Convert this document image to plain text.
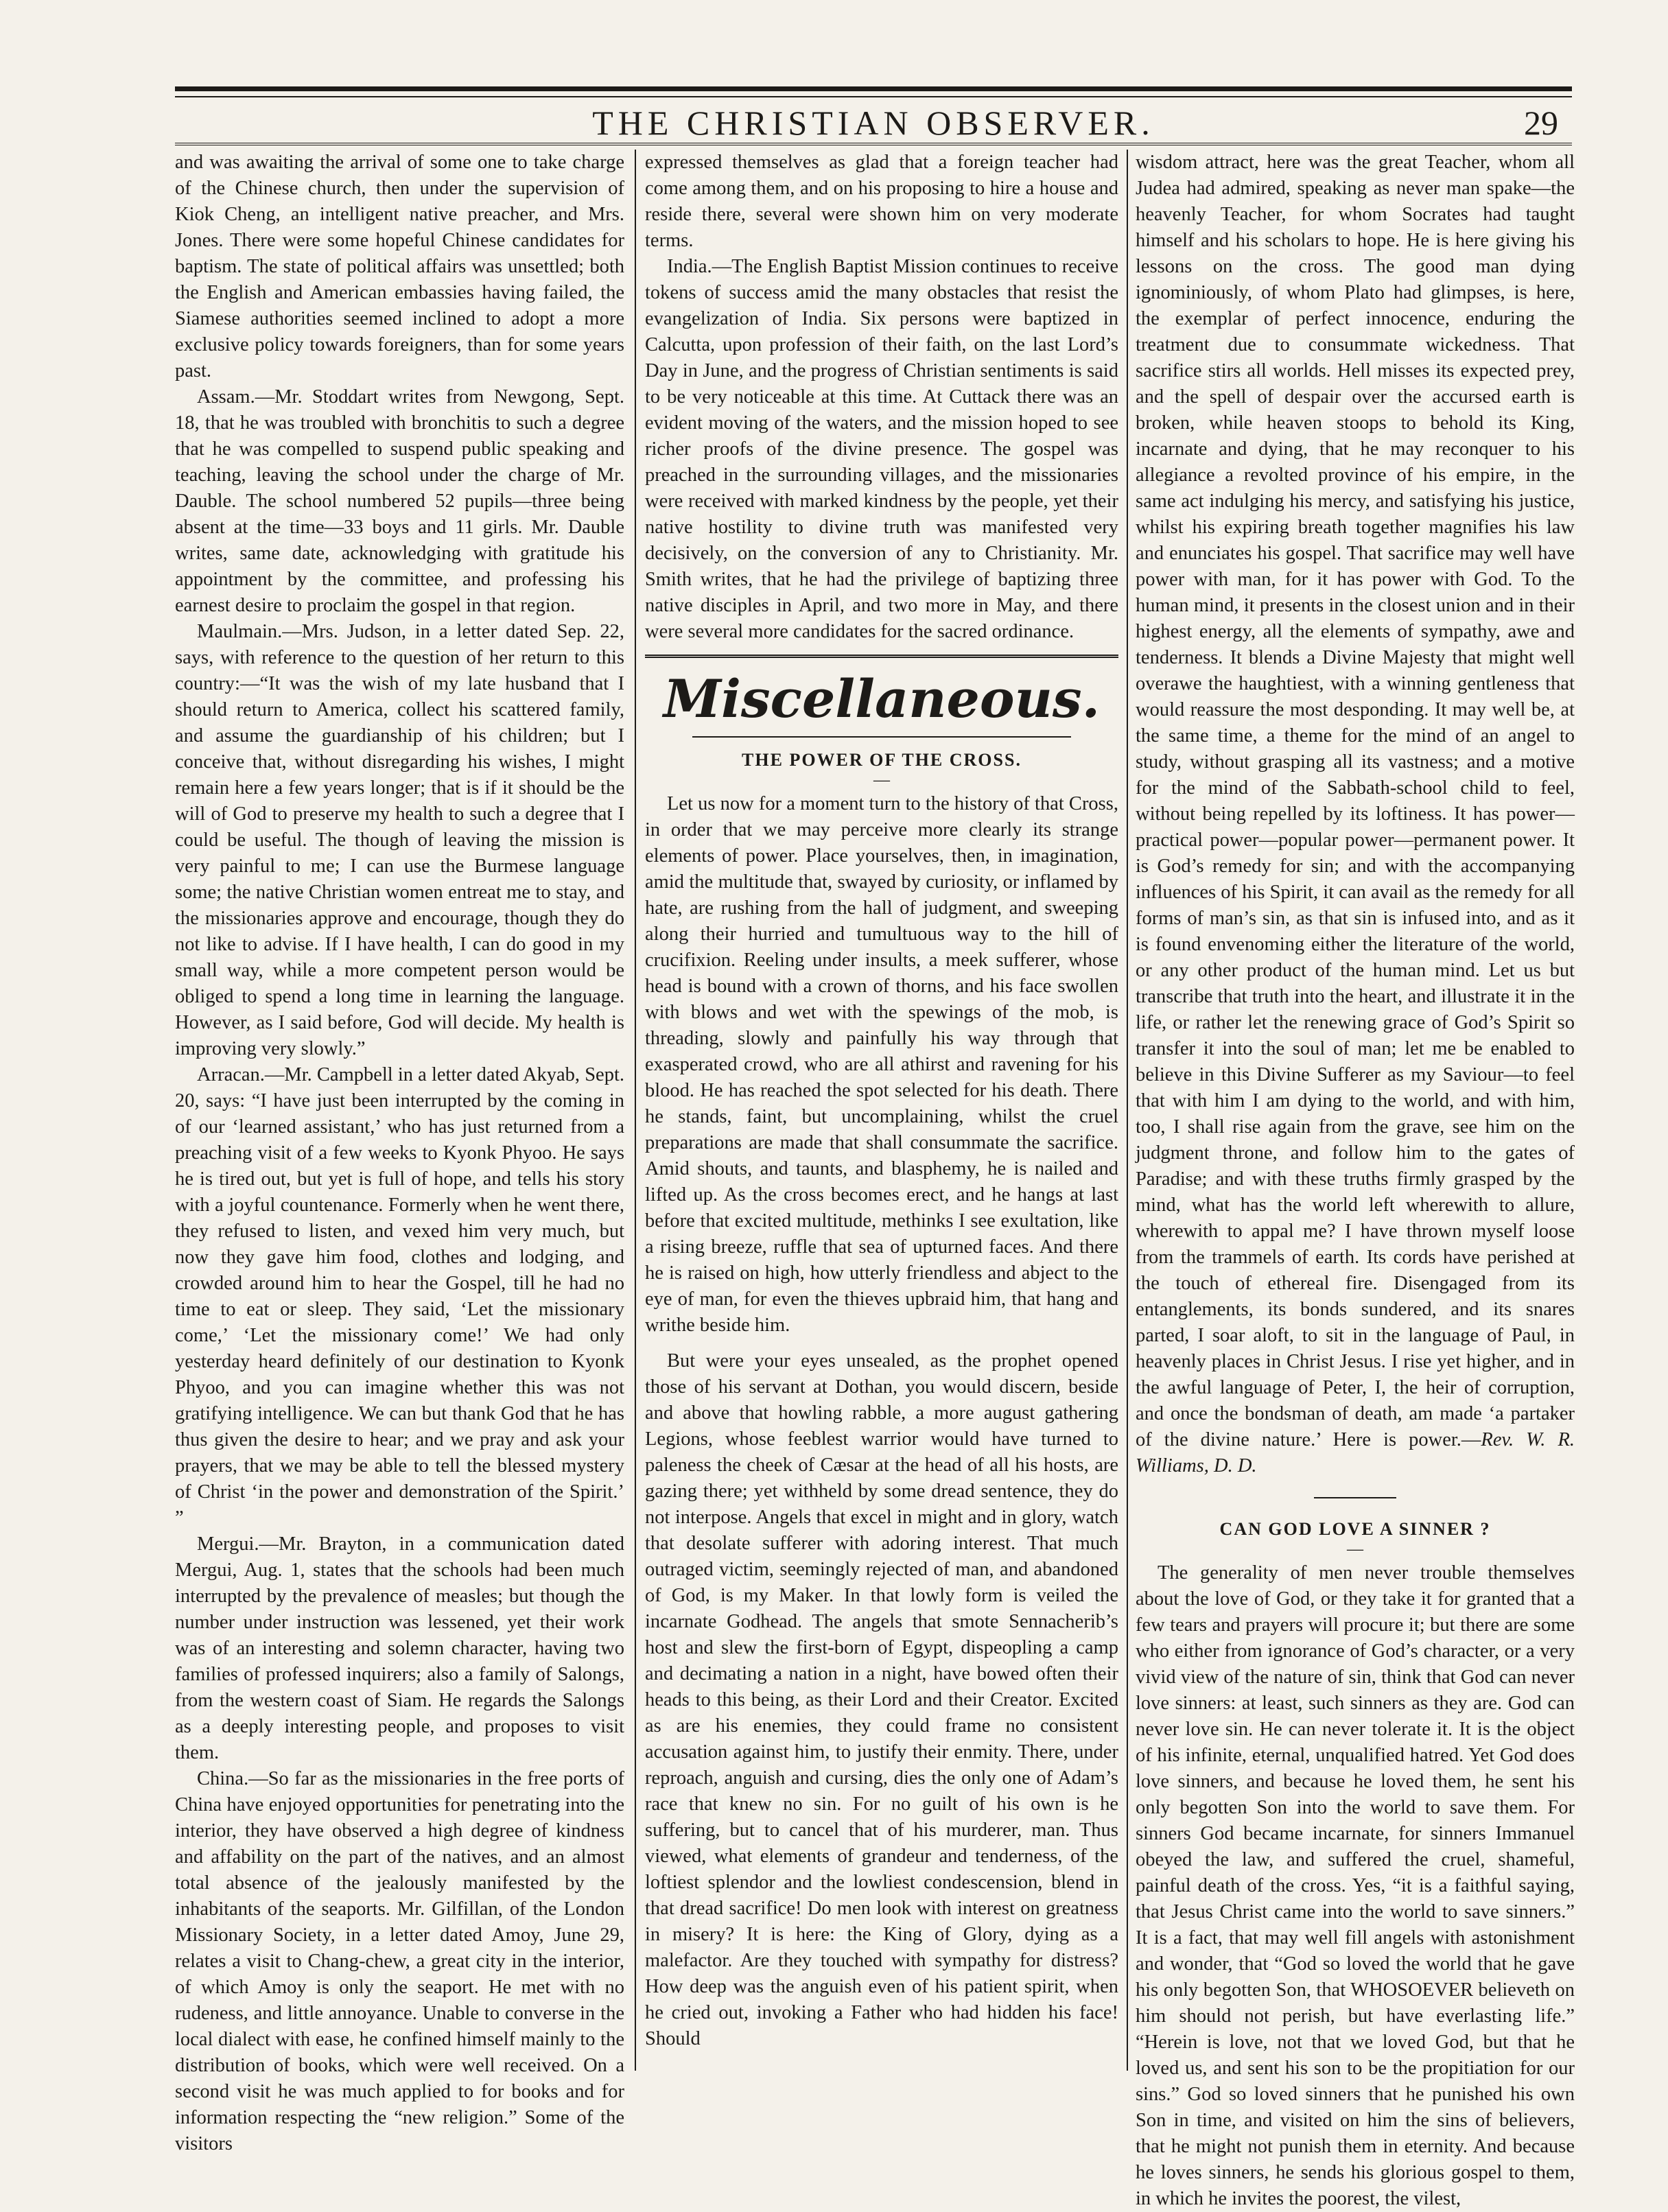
THE CHRISTIAN OBSERVER.	29

and was awaiting the arrival of some one to take charge of the Chinese church, then under the supervision of Kiok Cheng, an intelligent native preacher, and Mrs. Jones. There were some hopeful Chinese candidates for baptism. The state of political affairs was unsettled; both the English and American embassies having failed, the Siamese authorities seemed inclined to adopt a more exclusive policy towards foreigners, than for some years past.

Assam.—Mr. Stoddart writes from Newgong, Sept. 18, that he was troubled with bronchitis to such a degree that he was compelled to suspend public speaking and teaching, leaving the school under the charge of Mr. Dauble. The school numbered 52 pupils—three being absent at the time—33 boys and 11 girls. Mr. Dauble writes, same date, acknowledging with gratitude his appointment by the committee, and professing his earnest desire to proclaim the gospel in that region.

Maulmain.—Mrs. Judson, in a letter dated Sep. 22, says, with reference to the question of her return to this country:—“It was the wish of my late husband that I should return to America, collect his scattered family, and assume the guardianship of his children; but I conceive that, without disregarding his wishes, I might remain here a few years longer; that is if it should be the will of God to preserve my health to such a degree that I could be useful. The though of leaving the mission is very painful to me; I can use the Burmese language some; the native Christian women entreat me to stay, and the missionaries approve and encourage, though they do not like to advise. If I have health, I can do good in my small way, while a more competent person would be obliged to spend a long time in learning the language. However, as I said before, God will decide. My health is improving very slowly.”

Arracan.—Mr. Campbell in a letter dated Akyab, Sept. 20, says: “I have just been interrupted by the coming in of our ‘learned assistant,’ who has just returned from a preaching visit of a few weeks to Kyonk Phyoo. He says he is tired out, but yet is full of hope, and tells his story with a joyful countenance. Formerly when he went there, they refused to listen, and vexed him very much, but now they gave him food, clothes and lodging, and crowded around him to hear the Gospel, till he had no time to eat or sleep. They said, ‘Let the missionary come,’ ‘Let the missionary come!’ We had only yesterday heard definitely of our destination to Kyonk Phyoo, and you can imagine whether this was not gratifying intelligence. We can but thank God that he has thus given the desire to hear; and we pray and ask your prayers, that we may be able to tell the blessed mystery of Christ ‘in the power and demonstration of the Spirit.’ ”

Mergui.—Mr. Brayton, in a communication dated Mergui, Aug. 1, states that the schools had been much interrupted by the prevalence of measles; but though the number under instruction was lessened, yet their work was of an interesting and solemn character, having two families of professed inquirers; also a family of Salongs, from the western coast of Siam. He regards the Salongs as a deeply interesting people, and proposes to visit them.

China.—So far as the missionaries in the free ports of China have enjoyed opportunities for penetrating into the interior, they have observed a high degree of kindness and affability on the part of the natives, and an almost total absence of the jealously manifested by the inhabitants of the seaports. Mr. Gilfillan, of the London Missionary Society, in a letter dated Amoy, June 29, relates a visit to Chang-chew, a great city in the interior, of which Amoy is only the seaport. He met with no rudeness, and little annoyance. Unable to converse in the local dialect with ease, he confined himself mainly to the distribution of books, which were well received. On a second visit he was much applied to for books and for information respecting the “new religion.” Some of the visitors

expressed themselves as glad that a foreign teacher had come among them, and on his proposing to hire a house and reside there, several were shown him on very moderate terms.

India.—The English Baptist Mission continues to receive tokens of success amid the many obstacles that resist the evangelization of India. Six persons were baptized in Calcutta, upon profession of their faith, on the last Lord’s Day in June, and the progress of Christian sentiments is said to be very noticeable at this time. At Cuttack there was an evident moving of the waters, and the mission hoped to see richer proofs of the divine presence. The gospel was preached in the surrounding villages, and the missionaries were received with marked kindness by the people, yet their native hostility to divine truth was manifested very decisively, on the conversion of any to Christianity. Mr. Smith writes, that he had the privilege of baptizing three native disciples in April, and two more in May, and there were several more candidates for the sacred ordinance.

Miscellaneous.

THE POWER OF THE CROSS.

—

Let us now for a moment turn to the history of that Cross, in order that we may perceive more clearly its strange elements of power. Place yourselves, then, in imagination, amid the multitude that, swayed by curiosity, or inflamed by hate, are rushing from the hall of judgment, and sweeping along their hurried and tumultuous way to the hill of crucifixion. Reeling under insults, a meek sufferer, whose head is bound with a crown of thorns, and his face swollen with blows and wet with the spewings of the mob, is threading, slowly and painfully his way through that exasperated crowd, who are all athirst and ravening for his blood. He has reached the spot selected for his death. There he stands, faint, but uncomplaining, whilst the cruel preparations are made that shall consummate the sacrifice. Amid shouts, and taunts, and blasphemy, he is nailed and lifted up. As the cross becomes erect, and he hangs at last before that excited multitude, methinks I see exultation, like a rising breeze, ruffle that sea of upturned faces. And there he is raised on high, how utterly friendless and abject to the eye of man, for even the thieves upbraid him, that hang and writhe beside him.

But were your eyes unsealed, as the prophet opened those of his servant at Dothan, you would discern, beside and above that howling rabble, a more august gathering Legions, whose feeblest warrior would have turned to paleness the cheek of Cæsar at the head of all his hosts, are gazing there; yet withheld by some dread sentence, they do not interpose. Angels that excel in might and in glory, watch that desolate sufferer with adoring interest. That much outraged victim, seemingly rejected of man, and abandoned of God, is my Maker. In that lowly form is veiled the incarnate Godhead. The angels that smote Sennacherib’s host and slew the first-born of Egypt, dispeopling a camp and decimating a nation in a night, have bowed often their heads to this being, as their Lord and their Creator. Excited as are his enemies, they could frame no consistent accusation against him, to justify their enmity. There, under reproach, anguish and cursing, dies the only one of Adam’s race that knew no sin. For no guilt of his own is he suffering, but to cancel that of his murderer, man. Thus viewed, what elements of grandeur and tenderness, of the loftiest splendor and the lowliest condescension, blend in that dread sacrifice! Do men look with interest on greatness in misery? It is here: the King of Glory, dying as a malefactor. Are they touched with sympathy for distress? How deep was the anguish even of his patient spirit, when he cried out, invoking a Father who had hidden his face! Should

wisdom attract, here was the great Teacher, whom all Judea had admired, speaking as never man spake—the heavenly Teacher, for whom Socrates had taught himself and his scholars to hope. He is here giving his lessons on the cross. The good man dying ignominiously, of whom Plato had glimpses, is here, the exemplar of perfect innocence, enduring the treatment due to consummate wickedness. That sacrifice stirs all worlds. Hell misses its expected prey, and the spell of despair over the accursed earth is broken, while heaven stoops to behold its King, incarnate and dying, that he may reconquer to his allegiance a revolted province of his empire, in the same act indulging his mercy, and satisfying his justice, whilst his expiring breath together magnifies his law and enunciates his gospel. That sacrifice may well have power with man, for it has power with God. To the human mind, it presents in the closest union and in their highest energy, all the elements of sympathy, awe and tenderness. It blends a Divine Majesty that might well overawe the haughtiest, with a winning gentleness that would reassure the most desponding. It may well be, at the same time, a theme for the mind of an angel to study, without grasping all its vastness; and a motive for the mind of the Sabbath-school child to feel, without being repelled by its loftiness. It has power—practical power—popular power—permanent power. It is God’s remedy for sin; and with the accompanying influences of his Spirit, it can avail as the remedy for all forms of man’s sin, as that sin is infused into, and as it is found envenoming either the literature of the world, or any other product of the human mind. Let us but transcribe that truth into the heart, and illustrate it in the life, or rather let the renewing grace of God’s Spirit so transfer it into the soul of man; let me be enabled to believe in this Divine Sufferer as my Saviour—to feel that with him I am dying to the world, and with him, too, I shall rise again from the grave, see him on the judgment throne, and follow him to the gates of Paradise; and with these truths firmly grasped by the mind, what has the world left wherewith to allure, wherewith to appal me? I have thrown myself loose from the trammels of earth. Its cords have perished at the touch of ethereal fire. Disengaged from its entanglements, its bonds sundered, and its snares parted, I soar aloft, to sit in the language of Paul, in heavenly places in Christ Jesus. I rise yet higher, and in the awful language of Peter, I, the heir of corruption, and once the bondsman of death, am made ‘a partaker of the divine nature.’ Here is power.—Rev. W. R. Williams, D. D.

CAN GOD LOVE A SINNER ?

—

The generality of men never trouble themselves about the love of God, or they take it for granted that a few tears and prayers will procure it; but there are some who either from ignorance of God’s character, or a very vivid view of the nature of sin, think that God can never love sinners: at least, such sinners as they are. God can never love sin. He can never tolerate it. It is the object of his infinite, eternal, unqualified hatred. Yet God does love sinners, and because he loved them, he sent his only begotten Son into the world to save them. For sinners God became incarnate, for sinners Immanuel obeyed the law, and suffered the cruel, shameful, painful death of the cross. Yes, “it is a faithful saying, that Jesus Christ came into the world to save sinners.” It is a fact, that may well fill angels with astonishment and wonder, that “God so loved the world that he gave his only begotten Son, that WHOSOEVER believeth on him should not perish, but have everlasting life.” “Herein is love, not that we loved God, but that he loved us, and sent his son to be the propitiation for our sins.” God so loved sinners that he punished his own Son in time, and visited on him the sins of believers, that he might not punish them in eternity. And because he loves sinners, he sends his glorious gospel to them, in which he invites the poorest, the vilest,
